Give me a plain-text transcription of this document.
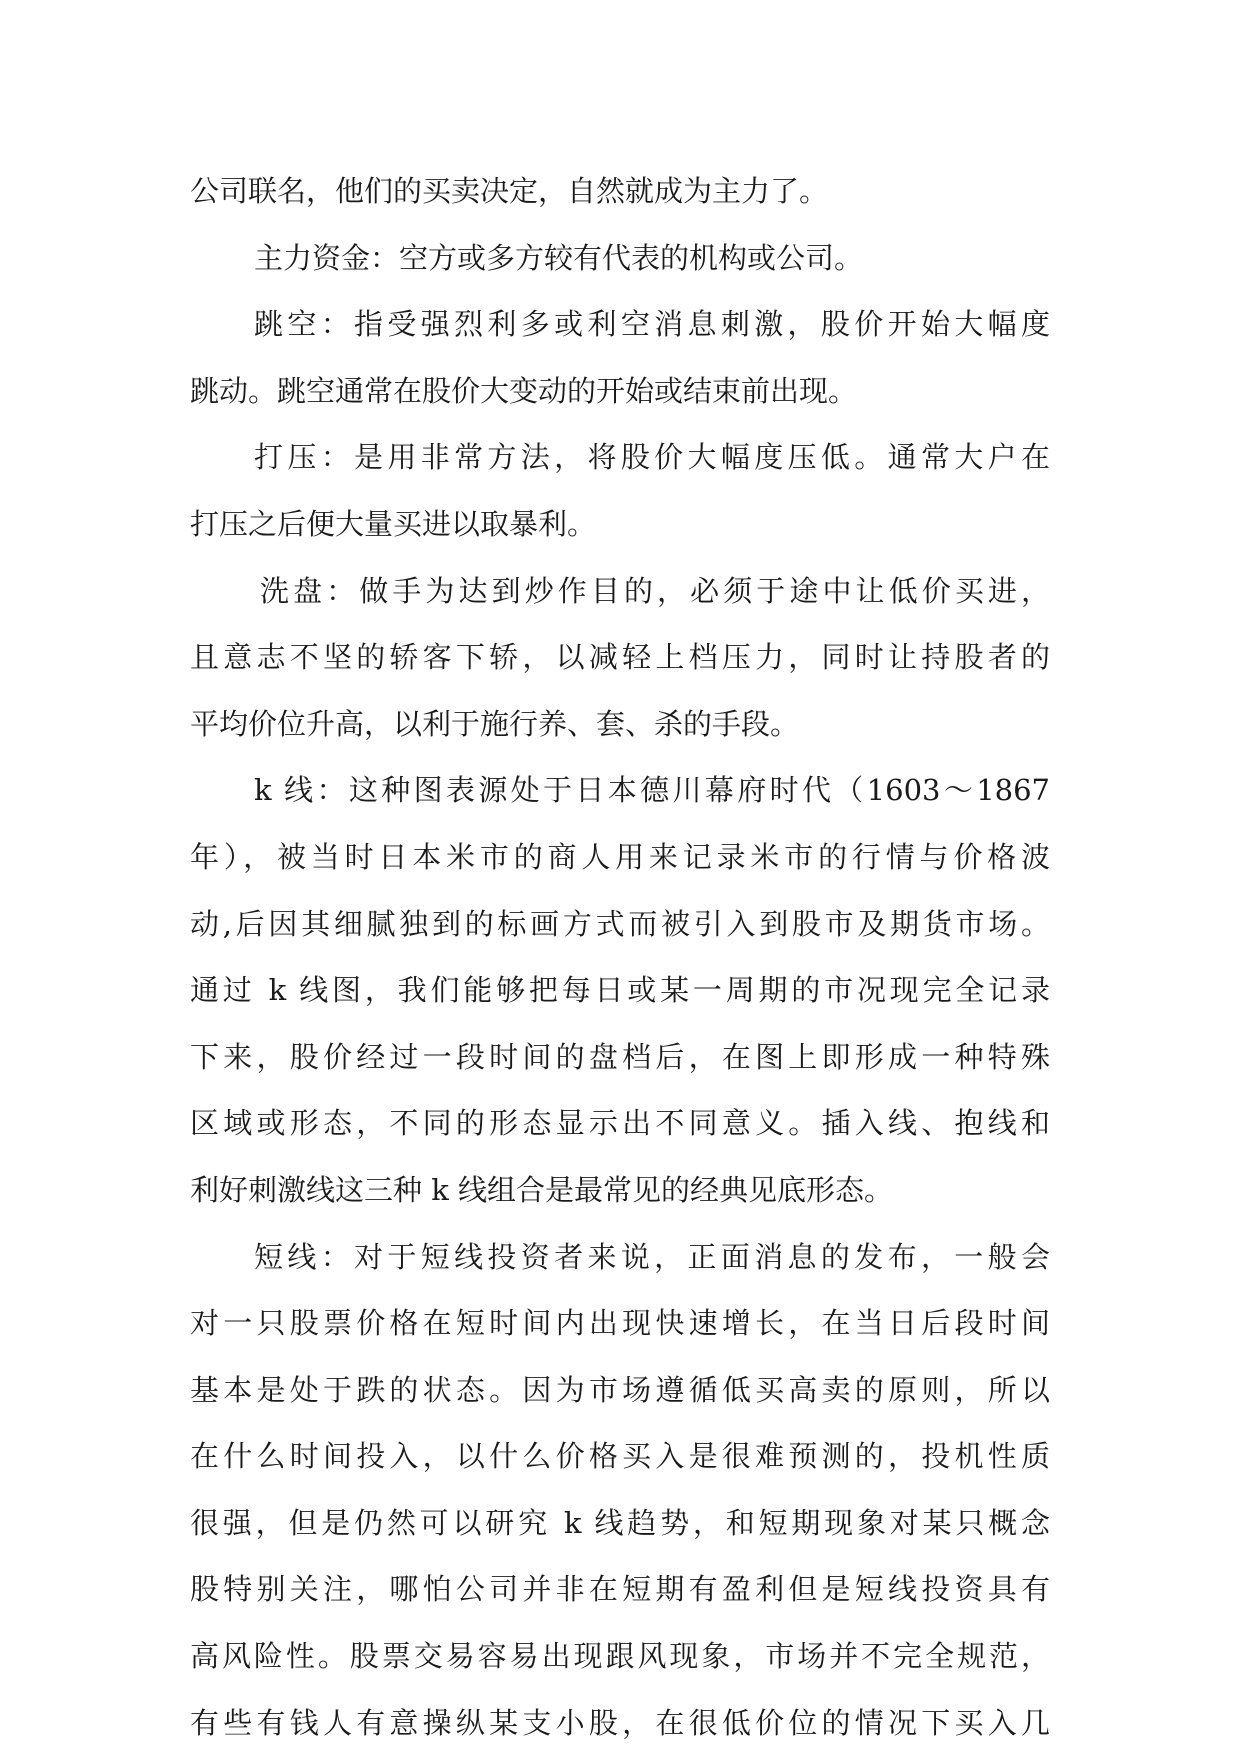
公司联名，他们的买卖决定，自然就成为主力了。
主力资金：空方或多方较有代表的机构或公司。
跳空：指受强烈利多或利空消息刺激，股价开始大幅度
跳动。跳空通常在股价大变动的开始或结束前出现。
打压：是用非常方法，将股价大幅度压低。通常大户在
打压之后便大量买进以取暴利。
洗盘：做手为达到炒作目的，必须于途中让低价买进，
且意志不坚的轿客下轿，以减轻上档压力，同时让持股者的
平均价位升高，以利于施行养、套、杀的手段。
k 线：这种图表源处于日本德川幕府时代（1603～1867
年），被当时日本米市的商人用来记录米市的行情与价格波
动,后因其细腻独到的标画方式而被引入到股市及期货市场。
通过 k 线图，我们能够把每日或某一周期的市况现完全记录
下来，股价经过一段时间的盘档后，在图上即形成一种特殊
区域或形态，不同的形态显示出不同意义。插入线、抱线和
利好刺激线这三种 k 线组合是最常见的经典见底形态。
短线：对于短线投资者来说，正面消息的发布，一般会
对一只股票价格在短时间内出现快速增长，在当日后段时间
基本是处于跌的状态。因为市场遵循低买高卖的原则，所以
在什么时间投入，以什么价格买入是很难预测的，投机性质
很强，但是仍然可以研究 k 线趋势，和短期现象对某只概念
股特别关注，哪怕公司并非在短期有盈利但是短线投资具有
高风险性。股票交易容易出现跟风现象，市场并不完全规范，
有些有钱人有意操纵某支小股，在很低价位的情况下买入几
